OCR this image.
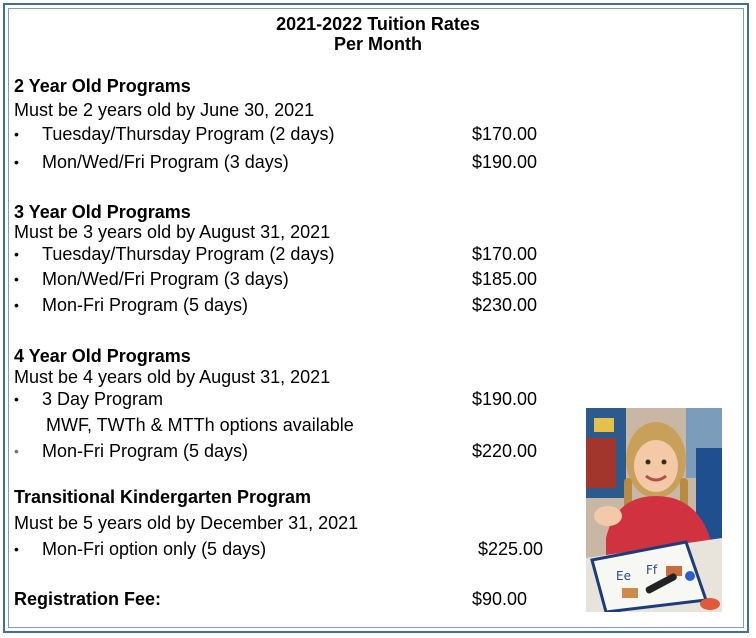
2021-2022 Tuition Rates
Per Month
2 Year Old Programs
Must be 2 years old by June 30, 2021
• Tuesday/Thursday Program (2 days)	$170.00
• Mon/Wed/Fri Program (3 days)	$190.00
3 Year Old Programs
Must be 3 years old by August 31, 2021
• Tuesday/Thursday Program (2 days)	$170.00
• Mon/Wed/Fri Program (3 days)	$185.00
• Mon-Fri Program (5 days)	$230.00
4 Year Old Programs
Must be 4 years old by August 31, 2021
• 3 Day Program	$190.00
MWF, TWTh & MTTh options available
• Mon-Fri Program (5 days)	$220.00
Transitional Kindergarten Program
Must be 5 years old by December 31, 2021
• Mon-Fri option only (5 days)	$225.00
Registration Fee:	$90.00
Ee Ff
